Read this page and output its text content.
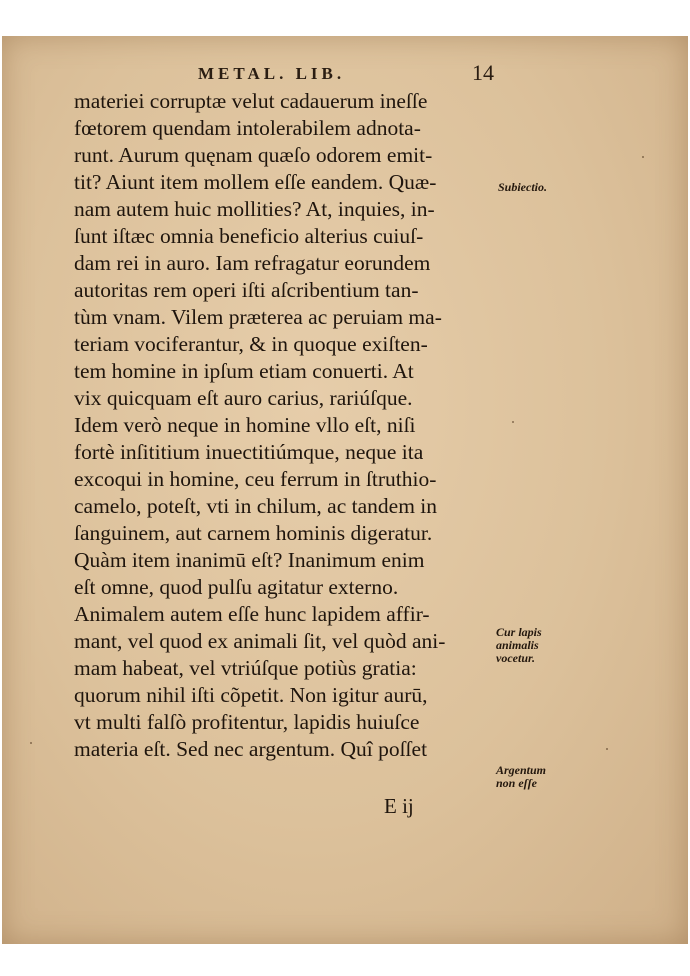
METAL. LIB.	14
materiei corruptæ velut cadauerum ineſſe
fœtorem quendam intolerabilem adnota-
runt. Aurum quęnam quæſo odorem emit-
tit? Aiunt item mollem eſſe eandem. Quæ-
nam autem huic mollities? At, inquies, in-
ſunt iſtæc omnia beneficio alterius cuiuſ-
dam rei in auro. Iam refragatur eorundem
autoritas rem operi iſti aſcribentium tan-
tùm vnam. Vilem præterea ac peruiam ma-
teriam vociferantur, & in quoque exiſten-
tem homine in ipſum etiam conuerti. At
vix quicquam eſt auro carius, rariúſque.
Idem verò neque in homine vllo eſt, niſi
fortè inſititium inuectitiúmque, neque ita
excoqui in homine, ceu ferrum in ſtruthio-
camelo, poteſt, vti in chilum, ac tandem in
ſanguinem, aut carnem hominis digeratur.
Quàm item inanimū eſt? Inanimum enim
eſt omne, quod pulſu agitatur externo.
Animalem autem eſſe hunc lapidem affir-
mant, vel quod ex animali ſit, vel quòd ani-
mam habeat, vel vtriúſque potiùs gratia:
quorum nihil iſti cõpetit. Non igitur aurū,
vt multi falſò profitentur, lapidis huiuſce
materia eſt. Sed nec argentum. Quî poſſet
E ij
Subiectio.
Cur lapis
animalis
vocetur.
Argentum
non eſſe
